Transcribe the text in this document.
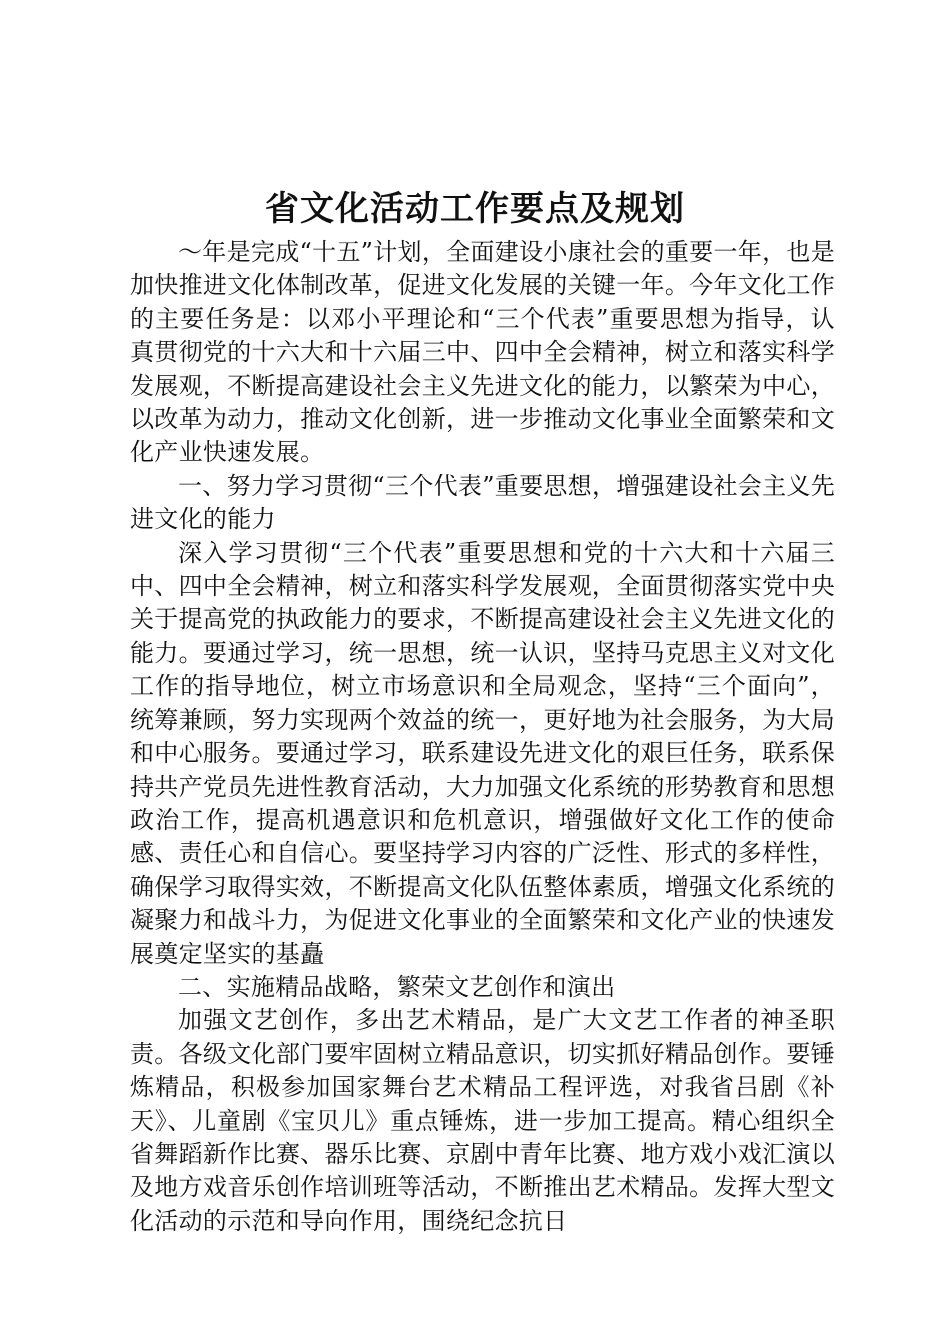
省文化活动工作要点及规划

～年是完成“十五”计划，全面建设小康社会的重要一年，也是加快推进文化体制改革，促进文化发展的关键一年。今年文化工作的主要任务是：以邓小平理论和“三个代表”重要思想为指导，认真贯彻党的十六大和十六届三中、四中全会精神，树立和落实科学发展观，不断提高建设社会主义先进文化的能力，以繁荣为中心，以改革为动力，推动文化创新，进一步推动文化事业全面繁荣和文化产业快速发展。

一、努力学习贯彻“三个代表”重要思想，增强建设社会主义先进文化的能力

深入学习贯彻“三个代表”重要思想和党的十六大和十六届三中、四中全会精神，树立和落实科学发展观，全面贯彻落实党中央关于提高党的执政能力的要求，不断提高建设社会主义先进文化的能力。要通过学习，统一思想，统一认识，坚持马克思主义对文化工作的指导地位，树立市场意识和全局观念，坚持“三个面向”，统筹兼顾，努力实现两个效益的统一，更好地为社会服务，为大局和中心服务。要通过学习，联系建设先进文化的艰巨任务，联系保持共产党员先进性教育活动，大力加强文化系统的形势教育和思想政治工作，提高机遇意识和危机意识，增强做好文化工作的使命感、责任心和自信心。要坚持学习内容的广泛性、形式的多样性，确保学习取得实效，不断提高文化队伍整体素质，增强文化系统的凝聚力和战斗力，为促进文化事业的全面繁荣和文化产业的快速发展奠定坚实的基矗

二、实施精品战略，繁荣文艺创作和演出

加强文艺创作，多出艺术精品，是广大文艺工作者的神圣职责。各级文化部门要牢固树立精品意识，切实抓好精品创作。要锤炼精品，积极参加国家舞台艺术精品工程评选，对我省吕剧《补天》、儿童剧《宝贝儿》重点锤炼，进一步加工提高。精心组织全省舞蹈新作比赛、器乐比赛、京剧中青年比赛、地方戏小戏汇演以及地方戏音乐创作培训班等活动，不断推出艺术精品。发挥大型文化活动的示范和导向作用，围绕纪念抗日
